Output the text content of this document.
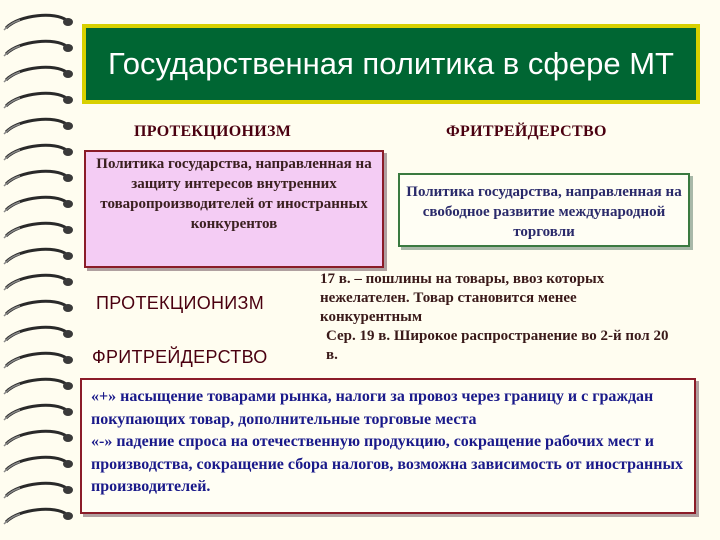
Государственная политика в сфере МТ
ПРОТЕКЦИОНИЗМ	ФРИТРЕЙДЕРСТВО
Политика государства, направленная на защиту интересов внутренних товаропроизводителей от иностранных конкурентов
Политика государства, направленная на свободное развитие международной торговли
ПРОТЕКЦИОНИЗМ
ФРИТРЕЙДЕРСТВО

17 в. – пошлины на товары, ввоз которых нежелателен. Товар становится менее конкурентным

Сер. 19 в. Широкое распространение во 2-й пол 20 в.

«+» насыщение товарами рынка, налоги за провоз через границу и с граждан покупающих товар, дополнительные торговые места

«-» падение спроса на отечественную продукцию, сокращение рабочих мест и производства, сокращение сбора налогов, возможна зависимость от иностранных производителей.
